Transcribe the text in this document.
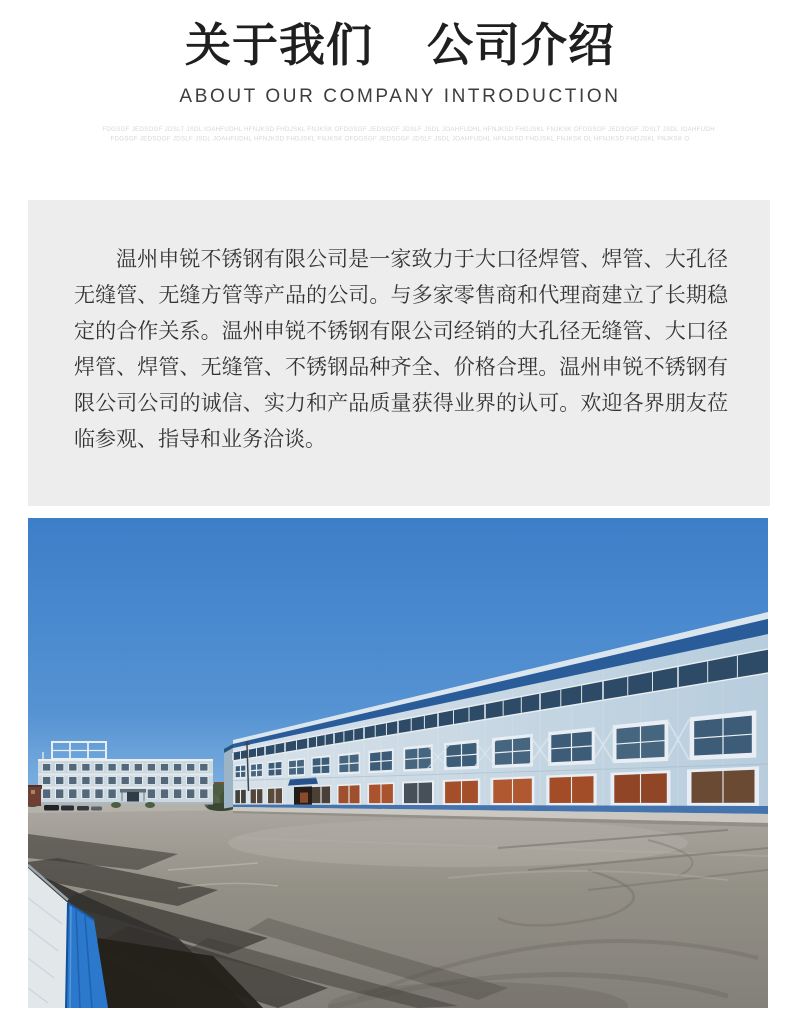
关于我们 公司介绍
ABOUT OUR COMPANY INTRODUCTION
FDGSGF JEDSOGF JDSLT JSDL IOAHFUDHL HFNJKSD FHDJSKL FNJKSK OFDGSGF JEDSOGF JDSLF JSDL JOAHFUDHL HFNJKSD FHDJSKL FNJKSK OFDGSGF JEDSOGF JDSLT JSDL IOAHFUDH
FDGSGF JEDSOGF JDSLF JSDL JOAHFUDHL HFNJKSD FHDJSKL FNJKSK OFDGSGF JEDSOGF JDSLF JSDL JOAHFUDHL HFNJKSD FHDJSKL FNJKSK DL HFNJKSD FHDJSKL FNJKSK O

温州申锐不锈钢有限公司是一家致力于大口径焊管、焊管、大孔径无缝管、无缝方管等产品的公司。与多家零售商和代理商建立了长期稳定的合作关系。温州申锐不锈钢有限公司经销的大孔径无缝管、大口径焊管、焊管、无缝管、不锈钢品种齐全、价格合理。温州申锐不锈钢有限公司公司的诚信、实力和产品质量获得业界的认可。欢迎各界朋友莅临参观、指导和业务洽谈。
